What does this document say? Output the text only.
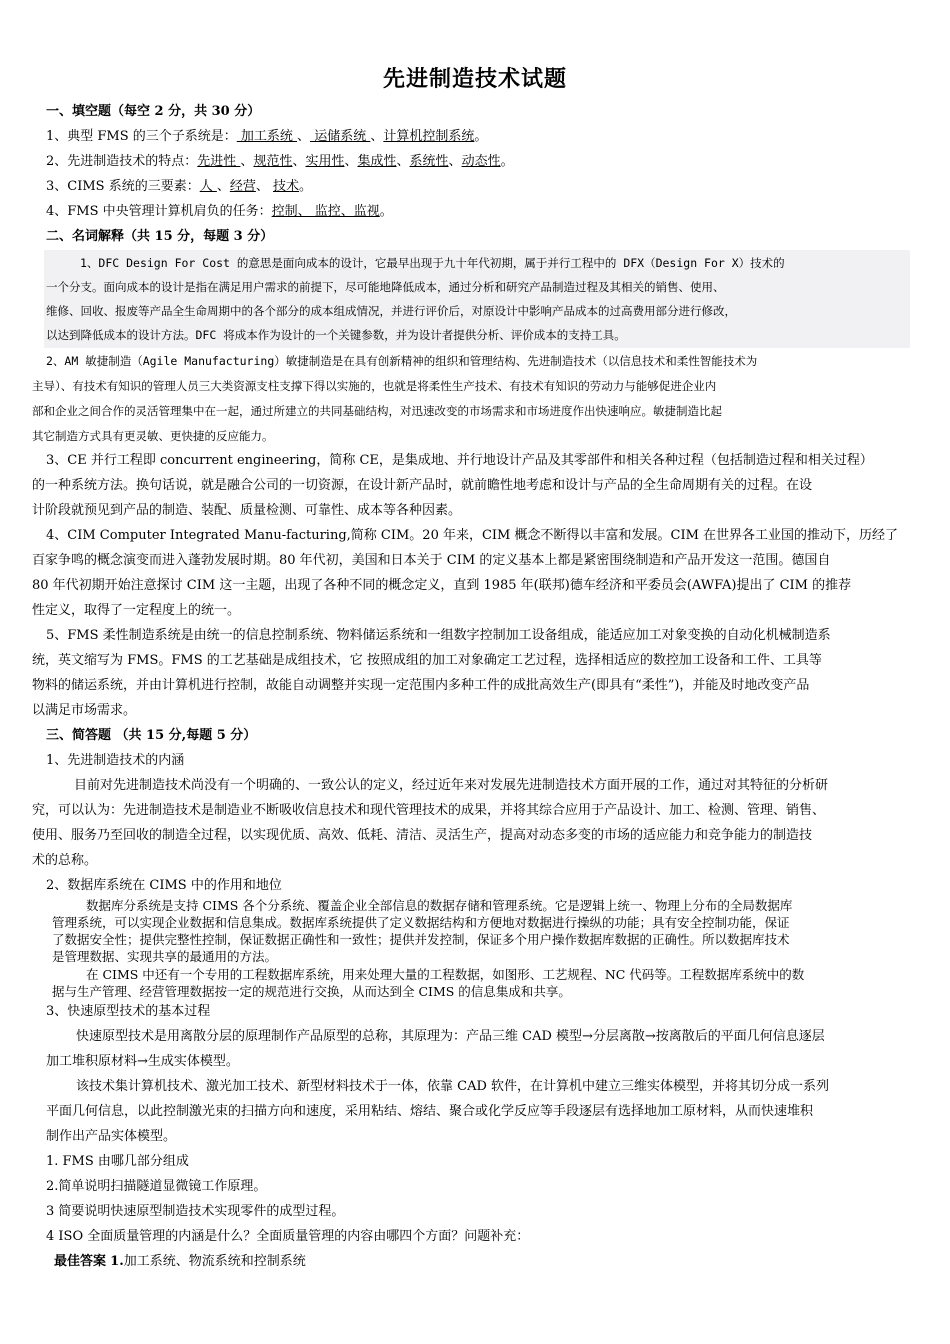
先进制造技术试题
一、填空题（每空 2 分，共 30 分）
1、典型 FMS 的三个子系统是： 加工系统 、 运储系统 、计算机控制系统。
2、先进制造技术的特点：先进性 、规范性、实用性、集成性、系统性、动态性。
3、CIMS 系统的三要素：人 、经营、 技术。
4、FMS 中央管理计算机肩负的任务：控制、 监控、监视。
二、名词解释（共 15 分，每题 3 分）
1、DFC Design For Cost 的意思是面向成本的设计，它最早出现于九十年代初期，属于并行工程中的 DFX（Design For X）技术的
一个分支。面向成本的设计是指在满足用户需求的前提下，尽可能地降低成本，通过分析和研究产品制造过程及其相关的销售、使用、
维修、回收、报废等产品全生命周期中的各个部分的成本组成情况，并进行评价后，对原设计中影响产品成本的过高费用部分进行修改，
以达到降低成本的设计方法。DFC 将成本作为设计的一个关键参数，并为设计者提供分析、评价成本的支持工具。
2、AM 敏捷制造（Agile Manufacturing）敏捷制造是在具有创新精神的组织和管理结构、先进制造技术（以信息技术和柔性智能技术为
主导）、有技术有知识的管理人员三大类资源支柱支撑下得以实施的，也就是将柔性生产技术、有技术有知识的劳动力与能够促进企业内
部和企业之间合作的灵活管理集中在一起，通过所建立的共同基础结构，对迅速改变的市场需求和市场进度作出快速响应。敏捷制造比起
其它制造方式具有更灵敏、更快捷的反应能力。
3、CE 并行工程即 concurrent engineering，简称 CE，是集成地、并行地设计产品及其零部件和相关各种过程（包括制造过程和相关过程）
的一种系统方法。换句话说，就是融合公司的一切资源，在设计新产品时，就前瞻性地考虑和设计与产品的全生命周期有关的过程。在设
计阶段就预见到产品的制造、装配、质量检测、可靠性、成本等各种因素。
4、CIM Computer Integrated Manu-facturing,简称 CIM。20 年来，CIM 概念不断得以丰富和发展。CIM 在世界各工业国的推动下，历经了
百家争鸣的概念演变而进入蓬勃发展时期。80 年代初，美国和日本关于 CIM 的定义基本上都是紧密围绕制造和产品开发这一范围。德国自
80 年代初期开始注意探讨 CIM 这一主题，出现了各种不同的概念定义，直到 1985 年(联邦)德车经济和平委员会(AWFA)提出了 CIM 的推荐
性定义，取得了一定程度上的统一。
5、FMS 柔性制造系统是由统一的信息控制系统、物料储运系统和一组数字控制加工设备组成，能适应加工对象变换的自动化机械制造系
统，英文缩写为 FMS。FMS 的工艺基础是成组技术，它 按照成组的加工对象确定工艺过程，选择相适应的数控加工设备和工件、工具等
物料的储运系统，并由计算机进行控制，故能自动调整并实现一定范围内多种工件的成批高效生产(即具有“柔性”)，并能及时地改变产品
以满足市场需求。
三、简答题 （共 15 分,每题 5 分）
1、先进制造技术的内涵
目前对先进制造技术尚没有一个明确的、一致公认的定义，经过近年来对发展先进制造技术方面开展的工作，通过对其特征的分析研
究，可以认为：先进制造技术是制造业不断吸收信息技术和现代管理技术的成果，并将其综合应用于产品设计、加工、检测、管理、销售、
使用、服务乃至回收的制造全过程，以实现优质、高效、低耗、清洁、灵活生产，提高对动态多变的市场的适应能力和竞争能力的制造技
术的总称。
2、数据库系统在 CIMS 中的作用和地位
数据库分系统是支持 CIMS 各个分系统、覆盖企业全部信息的数据存储和管理系统。它是逻辑上统一、物理上分布的全局数据库
管理系统，可以实现企业数据和信息集成。数据库系统提供了定义数据结构和方便地对数据进行操纵的功能；具有安全控制功能，保证
了数据安全性；提供完整性控制，保证数据正确性和一致性；提供并发控制，保证多个用户操作数据库数据的正确性。所以数据库技术
是管理数据、实现共享的最通用的方法。
在 CIMS 中还有一个专用的工程数据库系统，用来处理大量的工程数据，如图形、工艺规程、NC 代码等。工程数据库系统中的数
据与生产管理、经营管理数据按一定的规范进行交换，从而达到全 CIMS 的信息集成和共享。
3、快速原型技术的基本过程
快速原型技术是用离散分层的原理制作产品原型的总称，其原理为：产品三维 CAD 模型→分层离散→按离散后的平面几何信息逐层
加工堆积原材料→生成实体模型。
该技术集计算机技术、激光加工技术、新型材料技术于一体，依靠 CAD 软件，在计算机中建立三维实体模型，并将其切分成一系列
平面几何信息，以此控制激光束的扫描方向和速度，采用粘结、熔结、聚合或化学反应等手段逐层有选择地加工原材料，从而快速堆积
制作出产品实体模型。
1. FMS 由哪几部分组成
2.简单说明扫描隧道显微镜工作原理。
3 简要说明快速原型制造技术实现零件的成型过程。
4 ISO 全面质量管理的内涵是什么？全面质量管理的内容由哪四个方面？问题补充：
最佳答案 1.加工系统、物流系统和控制系统
